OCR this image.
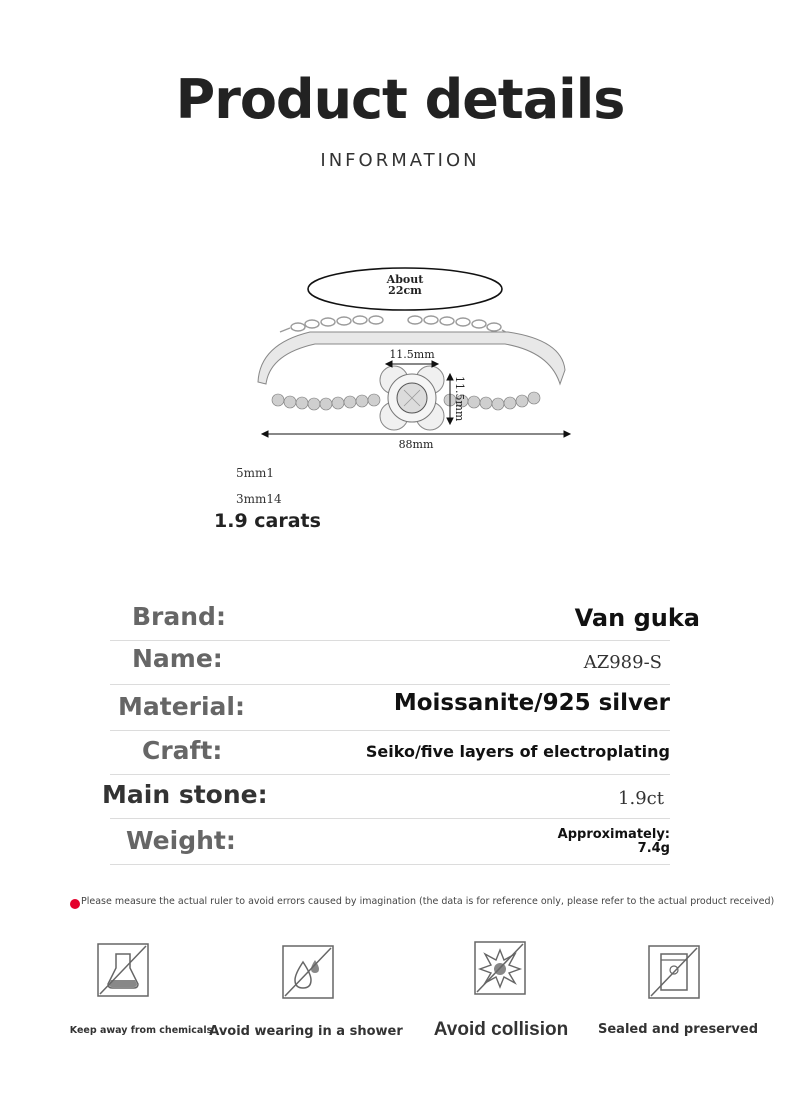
Product details
INFORMATION
About
22cm
11.5mm
11.5mm
88mm
5mm1
3mm14
1.9 carats
Brand:	Van guka
Name:	AZ989-S
Material:	Moissanite/925 silver
Craft:	Seiko/five layers of electroplating
Main stone:	1.9ct
Weight:	Approximately:
7.4g
Please measure the actual ruler to avoid errors caused by imagination (the data is for reference only, please refer to the actual product received)
Keep away from chemicals
Avoid wearing in a shower	Avoid collision	Sealed and preserved
